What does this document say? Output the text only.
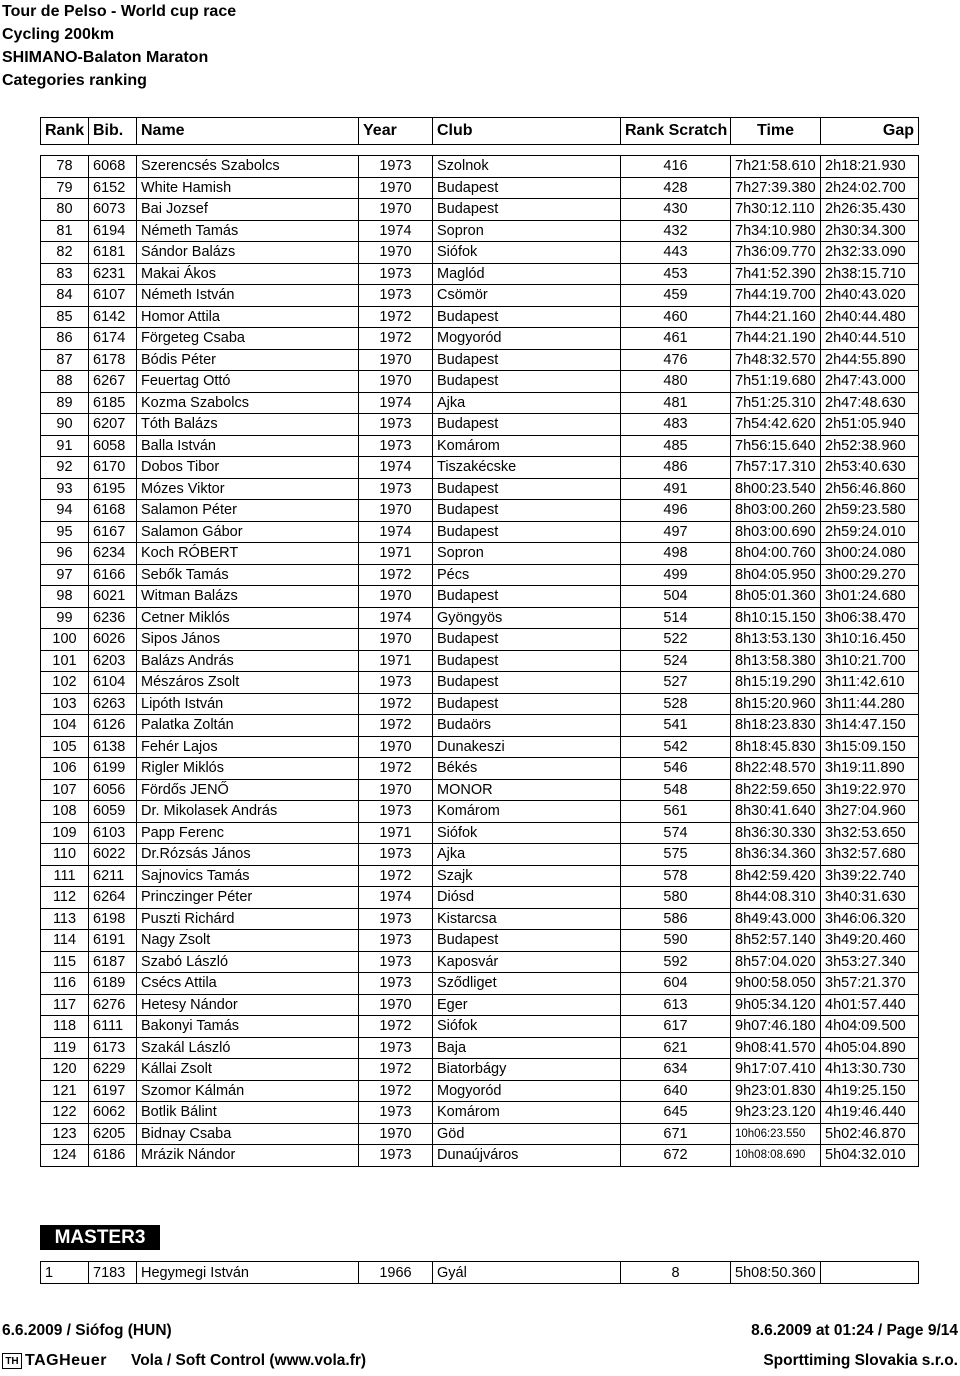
Tour de Pelso - World cup race
Cycling 200km
SHIMANO-Balaton Maraton
Categories ranking
Rank	Bib.	Name	Year	Club	Rank Scratch	Time	Gap
78	6068	Szerencsés Szabolcs	1973	Szolnok	416	7h21:58.610	2h18:21.930
79	6152	White Hamish	1970	Budapest	428	7h27:39.380	2h24:02.700
80	6073	Bai Jozsef	1970	Budapest	430	7h30:12.110	2h26:35.430
81	6194	Németh Tamás	1974	Sopron	432	7h34:10.980	2h30:34.300
82	6181	Sándor Balázs	1970	Siófok	443	7h36:09.770	2h32:33.090
83	6231	Makai Ákos	1973	Maglód	453	7h41:52.390	2h38:15.710
84	6107	Németh István	1973	Csömör	459	7h44:19.700	2h40:43.020
85	6142	Homor Attila	1972	Budapest	460	7h44:21.160	2h40:44.480
86	6174	Förgeteg Csaba	1972	Mogyoród	461	7h44:21.190	2h40:44.510
87	6178	Bódis Péter	1970	Budapest	476	7h48:32.570	2h44:55.890
88	6267	Feuertag Ottó	1970	Budapest	480	7h51:19.680	2h47:43.000
89	6185	Kozma Szabolcs	1974	Ajka	481	7h51:25.310	2h47:48.630
90	6207	Tóth Balázs	1973	Budapest	483	7h54:42.620	2h51:05.940
91	6058	Balla István	1973	Komárom	485	7h56:15.640	2h52:38.960
92	6170	Dobos Tibor	1974	Tiszakécske	486	7h57:17.310	2h53:40.630
93	6195	Mózes Viktor	1973	Budapest	491	8h00:23.540	2h56:46.860
94	6168	Salamon Péter	1970	Budapest	496	8h03:00.260	2h59:23.580
95	6167	Salamon Gábor	1974	Budapest	497	8h03:00.690	2h59:24.010
96	6234	Koch RÓBERT	1971	Sopron	498	8h04:00.760	3h00:24.080
97	6166	Sebők Tamás	1972	Pécs	499	8h04:05.950	3h00:29.270
98	6021	Witman Balázs	1970	Budapest	504	8h05:01.360	3h01:24.680
99	6236	Cetner Miklós	1974	Gyöngyös	514	8h10:15.150	3h06:38.470
100	6026	Sipos János	1970	Budapest	522	8h13:53.130	3h10:16.450
101	6203	Balázs András	1971	Budapest	524	8h13:58.380	3h10:21.700
102	6104	Mészáros Zsolt	1973	Budapest	527	8h15:19.290	3h11:42.610
103	6263	Lipóth István	1972	Budapest	528	8h15:20.960	3h11:44.280
104	6126	Palatka Zoltán	1972	Budaörs	541	8h18:23.830	3h14:47.150
105	6138	Fehér Lajos	1970	Dunakeszi	542	8h18:45.830	3h15:09.150
106	6199	Rigler Miklós	1972	Békés	546	8h22:48.570	3h19:11.890
107	6056	Fördős JENŐ	1970	MONOR	548	8h22:59.650	3h19:22.970
108	6059	Dr. Mikolasek András	1973	Komárom	561	8h30:41.640	3h27:04.960
109	6103	Papp Ferenc	1971	Siófok	574	8h36:30.330	3h32:53.650
110	6022	Dr.Rózsás János	1973	Ajka	575	8h36:34.360	3h32:57.680
111	6211	Sajnovics Tamás	1972	Szajk	578	8h42:59.420	3h39:22.740
112	6264	Princzinger Péter	1974	Diósd	580	8h44:08.310	3h40:31.630
113	6198	Puszti Richárd	1973	Kistarcsa	586	8h49:43.000	3h46:06.320
114	6191	Nagy Zsolt	1973	Budapest	590	8h52:57.140	3h49:20.460
115	6187	Szabó László	1973	Kaposvár	592	8h57:04.020	3h53:27.340
116	6189	Csécs Attila	1973	Sződliget	604	9h00:58.050	3h57:21.370
117	6276	Hetesy Nándor	1970	Eger	613	9h05:34.120	4h01:57.440
118	6111	Bakonyi Tamás	1972	Siófok	617	9h07:46.180	4h04:09.500
119	6173	Szakál László	1973	Baja	621	9h08:41.570	4h05:04.890
120	6229	Kállai Zsolt	1972	Biatorbágy	634	9h17:07.410	4h13:30.730
121	6197	Szomor Kálmán	1972	Mogyoród	640	9h23:01.830	4h19:25.150
122	6062	Botlik Bálint	1973	Komárom	645	9h23:23.120	4h19:46.440
123	6205	Bidnay Csaba	1970	Göd	671	10h06:23.550	5h02:46.870
124	6186	Mrázik Nándor	1973	Dunaújváros	672	10h08:08.690	5h04:32.010
MASTER3
1	7183	Hegymegi István	1966	Gyál	8	5h08:50.360	
6.6.2009 / Siófog (HUN)	8.6.2009 at 01:24 / Page 9/14
TH TAGHeuer Vola / Soft Control (www.vola.fr)	Sporttiming Slovakia s.r.o.
